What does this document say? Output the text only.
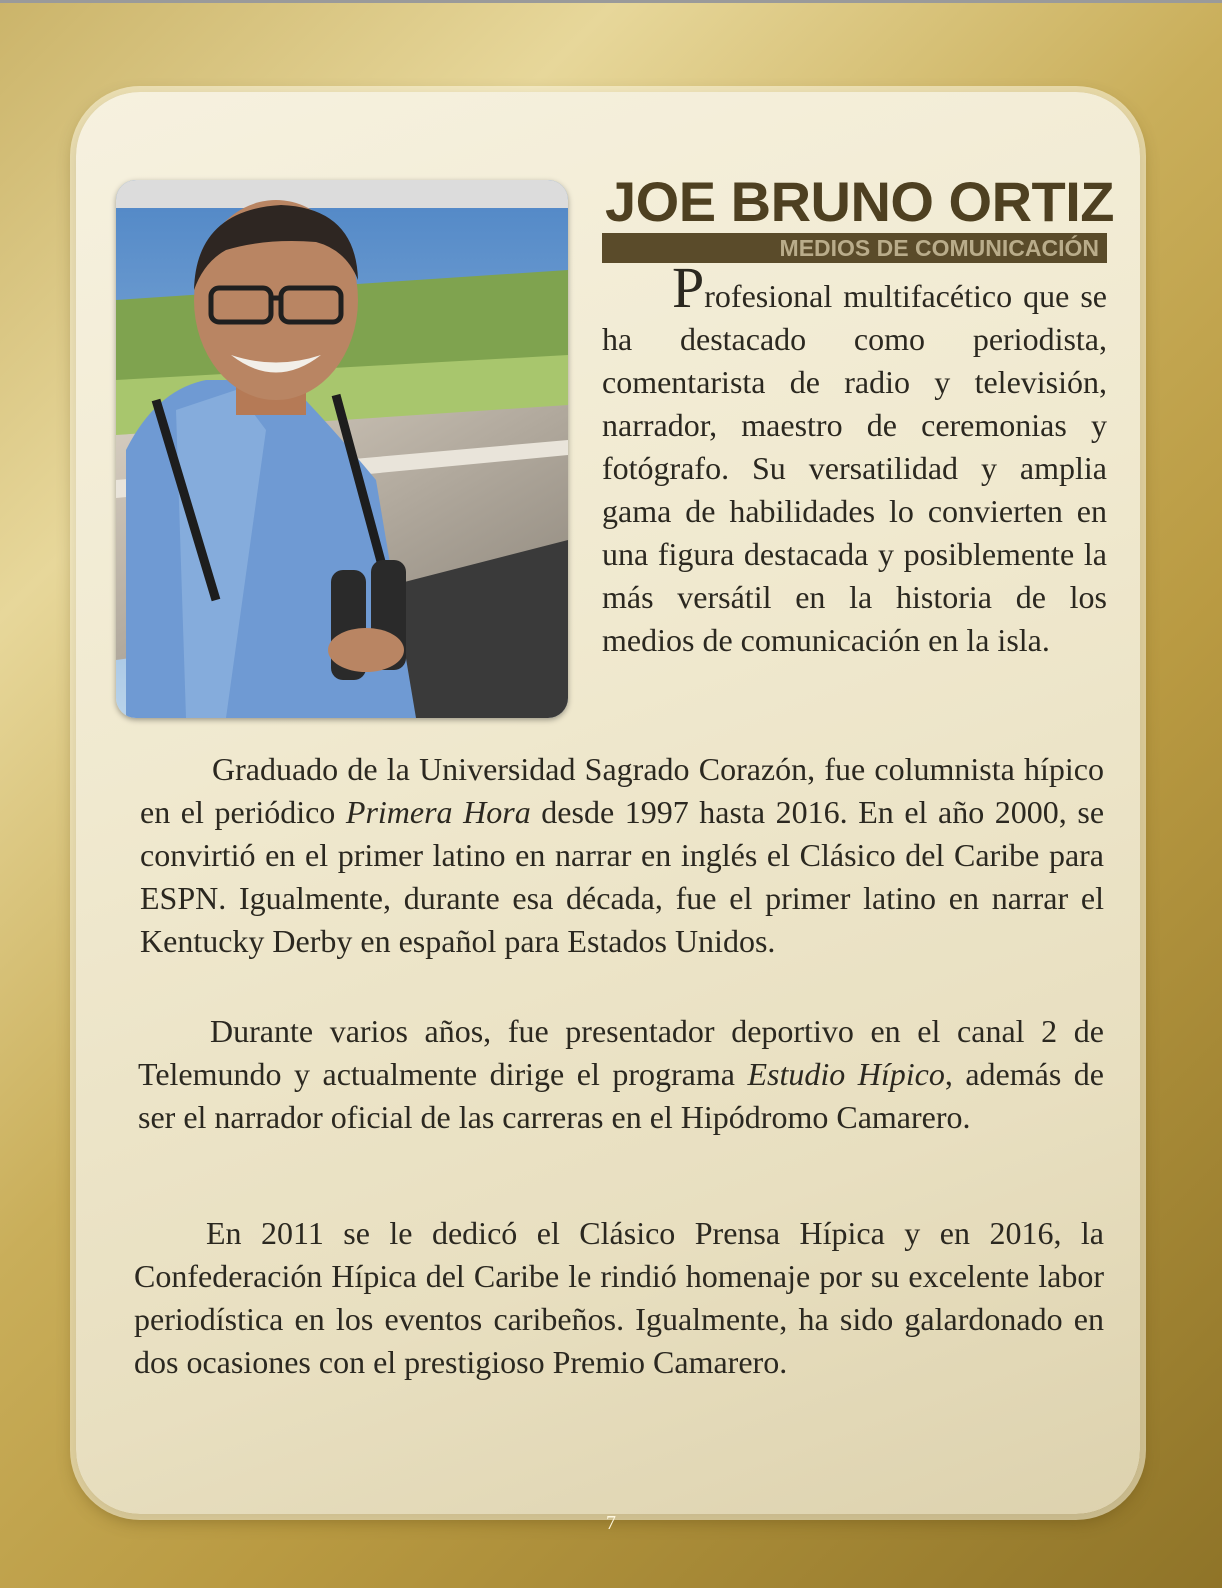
JOE BRUNO ORTIZ
MEDIOS DE COMUNICACIÓN

Profesional multifacético que se ha destacado como periodista, comentarista de radio y televisión, narrador, maestro de ceremonias y fotógrafo. Su versatilidad y amplia gama de habilidades lo convierten en una figura destacada y posiblemente la más versátil en la historia de los medios de comunicación en la isla.

Graduado de la Universidad Sagrado Corazón, fue columnista hípico en el periódico Primera Hora desde 1997 hasta 2016. En el año 2000, se convirtió en el primer latino en narrar en inglés el Clásico del Caribe para ESPN. Igualmente, durante esa década, fue el primer latino en narrar el Kentucky Derby en español para Estados Unidos.

Durante varios años, fue presentador deportivo en el canal 2 de Telemundo y actualmente dirige el programa Estudio Hípico, además de ser el narrador oficial de las carreras en el Hipódromo Camarero.

En 2011 se le dedicó el Clásico Prensa Hípica y en 2016, la Confederación Hípica del Caribe le rindió homenaje por su excelente labor periodística en los eventos caribeños. Igualmente, ha sido galardonado en dos ocasiones con el prestigioso Premio Camarero.

7
